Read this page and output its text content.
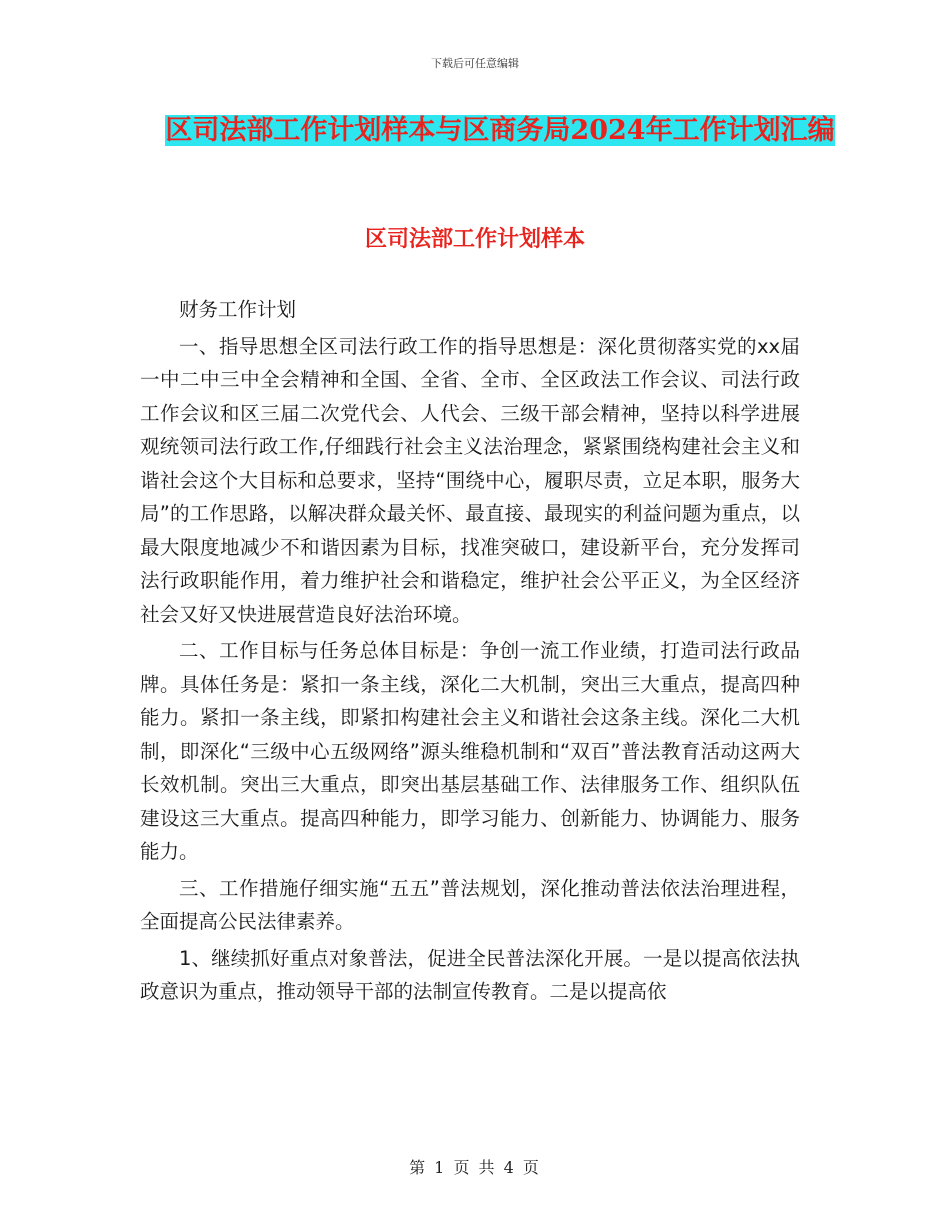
下载后可任意编辑
区司法部工作计划样本与区商务局2024年工作计划汇编
区司法部工作计划样本

财务工作计划

一、指导思想全区司法行政工作的指导思想是：深化贯彻落实党的xx届一中二中三中全会精神和全国、全省、全市、全区政法工作会议、司法行政工作会议和区三届二次党代会、人代会、三级干部会精神，坚持以科学进展观统领司法行政工作,仔细践行社会主义法治理念，紧紧围绕构建社会主义和谐社会这个大目标和总要求，坚持“围绕中心，履职尽责，立足本职，服务大局”的工作思路，以解决群众最关怀、最直接、最现实的利益问题为重点，以最大限度地减少不和谐因素为目标，找准突破口，建设新平台，充分发挥司法行政职能作用，着力维护社会和谐稳定，维护社会公平正义，为全区经济社会又好又快进展营造良好法治环境。

二、工作目标与任务总体目标是：争创一流工作业绩，打造司法行政品牌。具体任务是：紧扣一条主线，深化二大机制，突出三大重点，提高四种能力。紧扣一条主线，即紧扣构建社会主义和谐社会这条主线。深化二大机制，即深化“三级中心五级网络”源头维稳机制和“双百”普法教育活动这两大长效机制。突出三大重点，即突出基层基础工作、法律服务工作、组织队伍建设这三大重点。提高四种能力，即学习能力、创新能力、协调能力、服务能力。

三、工作措施仔细实施“五五”普法规划，深化推动普法依法治理进程，全面提高公民法律素养。

1、继续抓好重点对象普法，促进全民普法深化开展。一是以提高依法执政意识为重点，推动领导干部的法制宣传教育。二是以提高依

第 1 页 共 4 页
